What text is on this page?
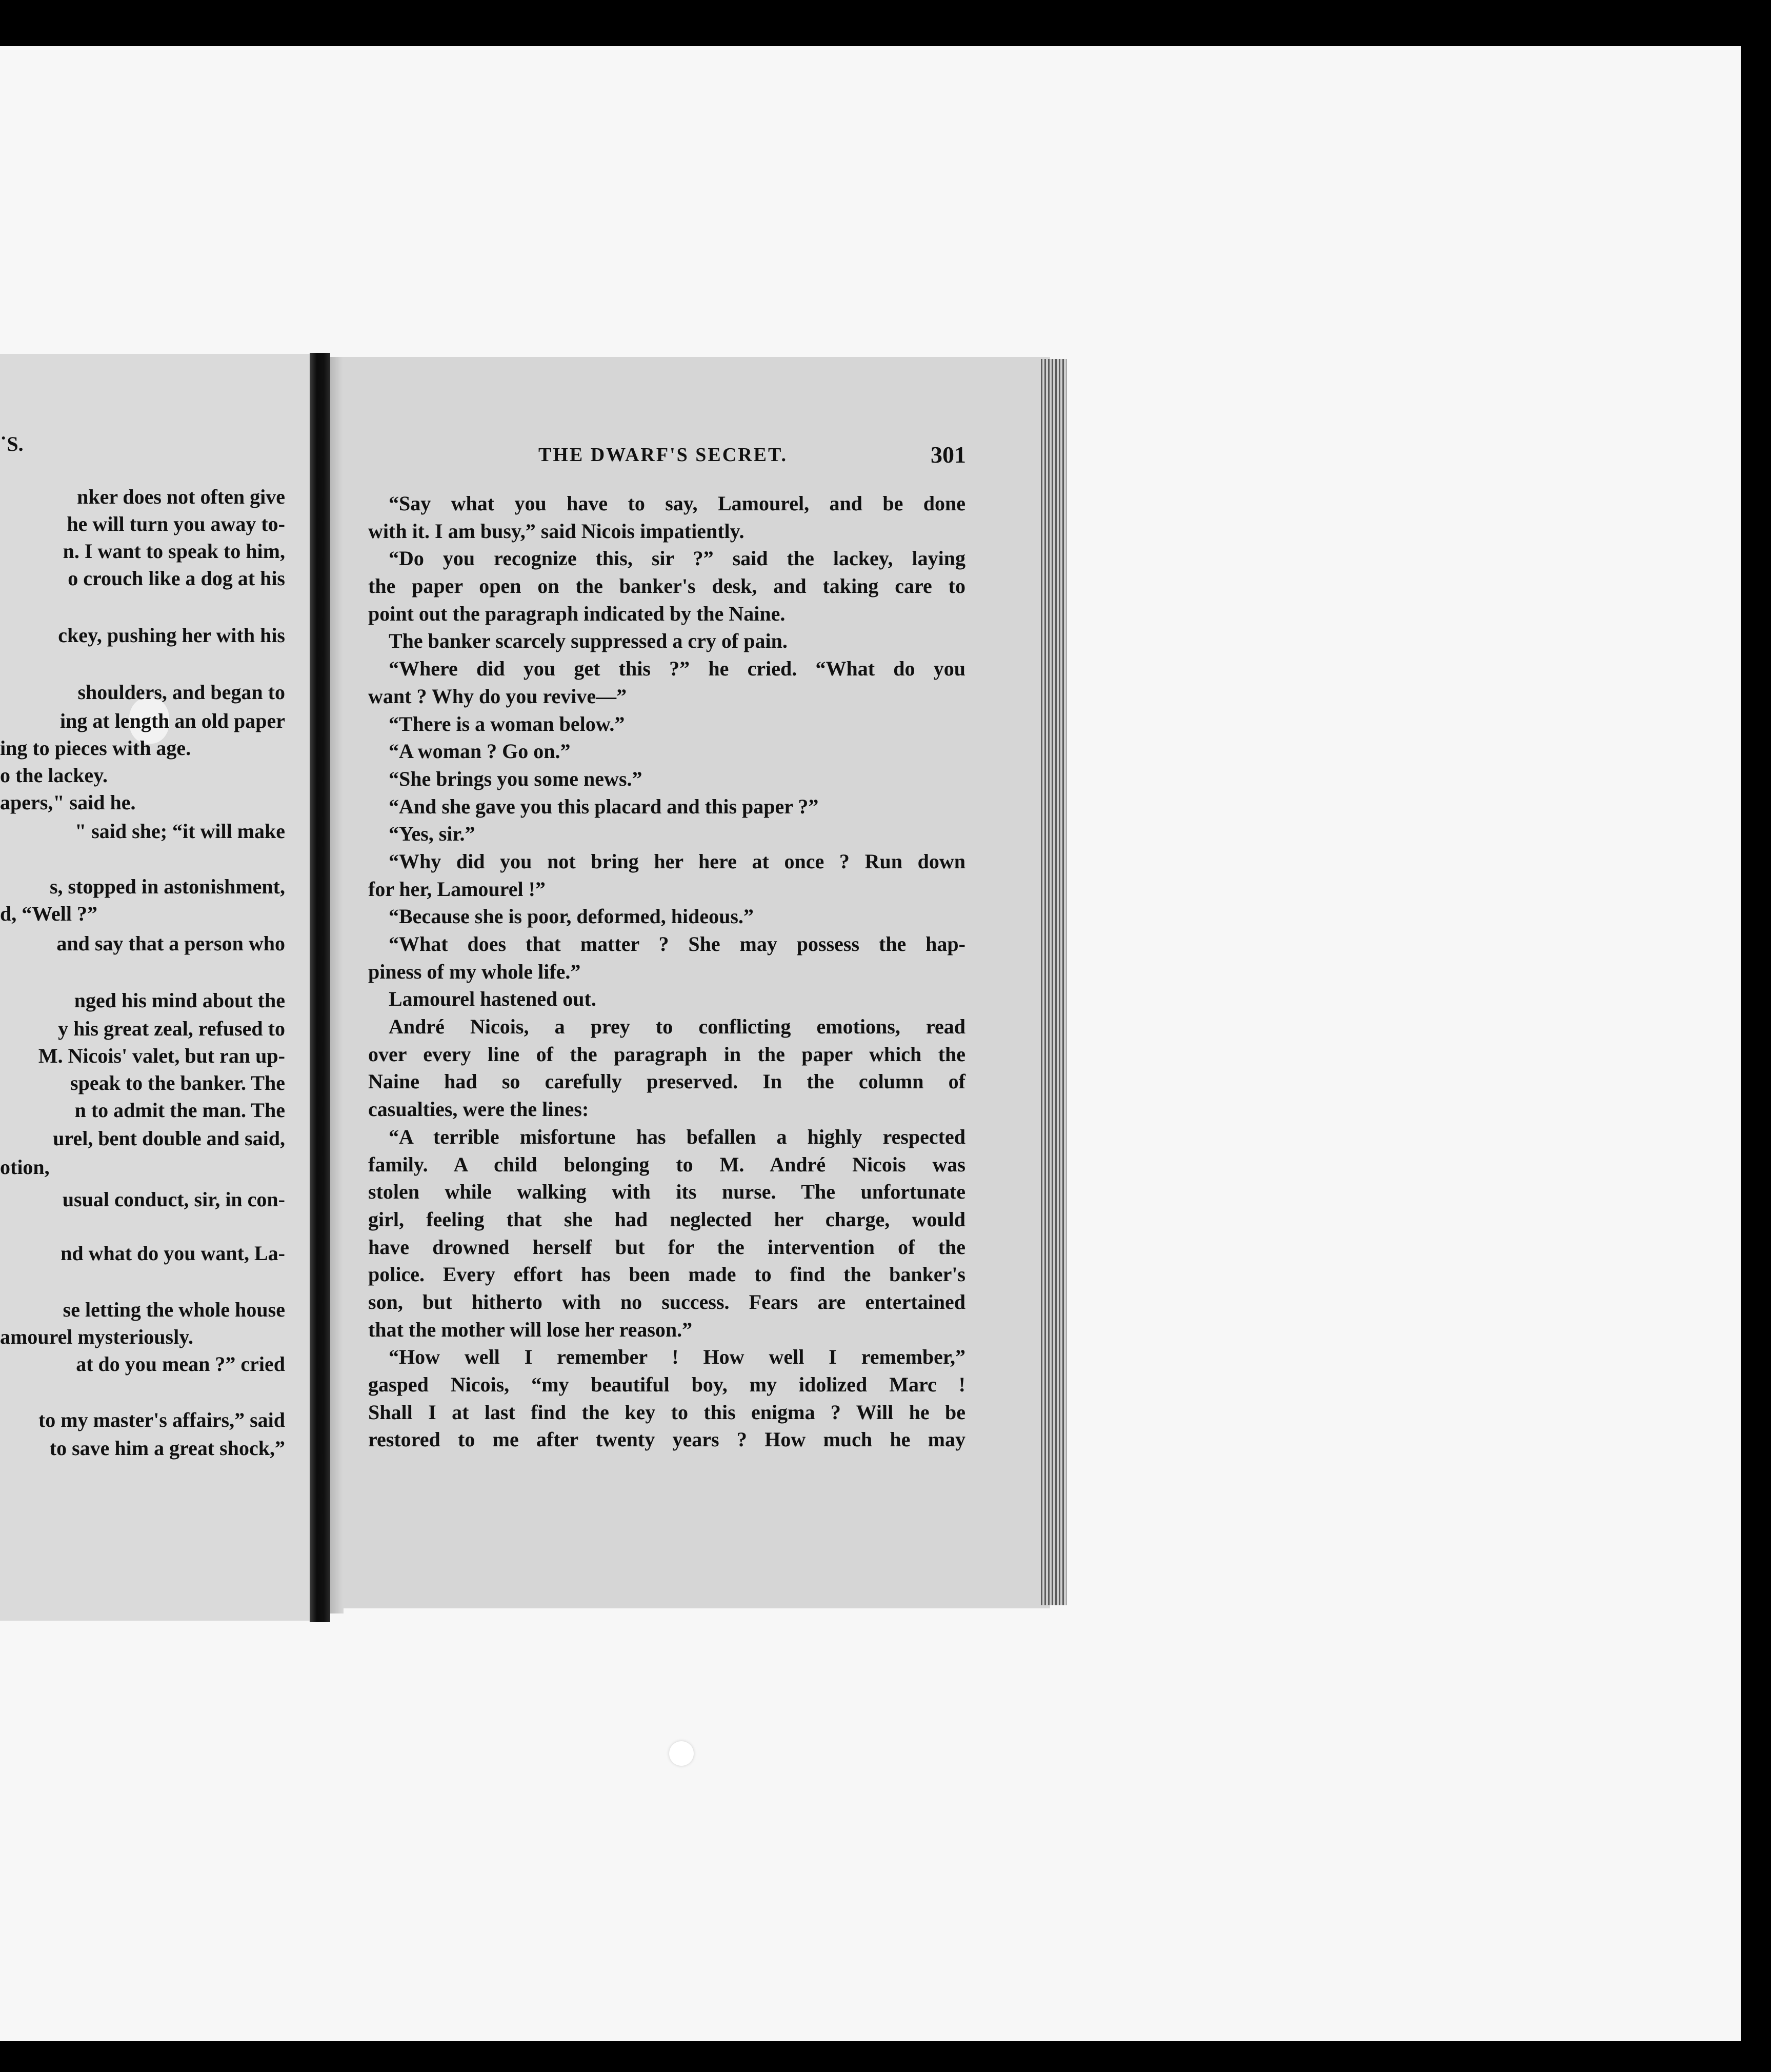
˙S.
nker does not often give
he will turn you away to-
n. I want to speak to him,
o crouch like a dog at his
ckey, pushing her with his
shoulders, and began to
ing at length an old paper
ing to pieces with age.
o the lackey.
apers," said he.
" said she; “it will make
s, stopped in astonishment,
d, “Well ?”
and say that a person who
nged his mind about the
y his great zeal, refused to
M. Nicois' valet, but ran up-
speak to the banker. The
n to admit the man. The
urel, bent double and said,
otion,
usual conduct, sir, in con-
nd what do you want, La-
se letting the whole house
amourel mysteriously.
at do you mean ?” cried
to my master's affairs,” said
to save him a great shock,”
THE DWARF'S SECRET.	301
“Say what you have to say, Lamourel, and be done
with it. I am busy,” said Nicois impatiently.
“Do you recognize this, sir ?” said the lackey, laying
the paper open on the banker's desk, and taking care to
point out the paragraph indicated by the Naine.
The banker scarcely suppressed a cry of pain.
“Where did you get this ?” he cried. “What do you
want ? Why do you revive—”
“There is a woman below.”
“A woman ? Go on.”
“She brings you some news.”
“And she gave you this placard and this paper ?”
“Yes, sir.”
“Why did you not bring her here at once ? Run down
for her, Lamourel !”
“Because she is poor, deformed, hideous.”
“What does that matter ? She may possess the hap-
piness of my whole life.”
Lamourel hastened out.
André Nicois, a prey to conflicting emotions, read
over every line of the paragraph in the paper which the
Naine had so carefully preserved. In the column of
casualties, were the lines:
“A terrible misfortune has befallen a highly respected
family. A child belonging to M. André Nicois was
stolen while walking with its nurse. The unfortunate
girl, feeling that she had neglected her charge, would
have drowned herself but for the intervention of the
police. Every effort has been made to find the banker's
son, but hitherto with no success. Fears are entertained
that the mother will lose her reason.”
“How well I remember ! How well I remember,”
gasped Nicois, “my beautiful boy, my idolized Marc !
Shall I at last find the key to this enigma ? Will he be
restored to me after twenty years ? How much he may
